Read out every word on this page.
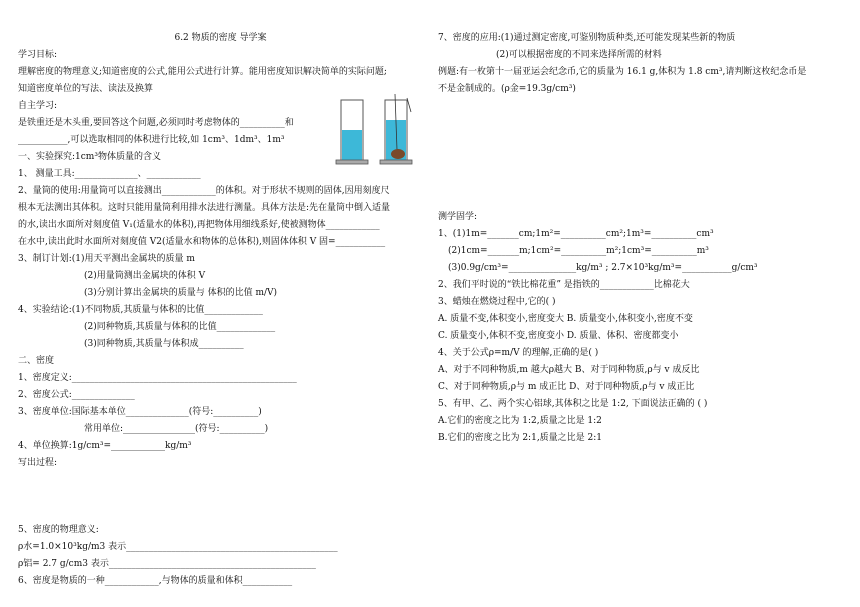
6.2 物质的密度 导学案
学习目标:
理解密度的物理意义;知道密度的公式,能用公式进行计算。能用密度知识解决简单的实际问题;
知道密度单位的写法、读法及换算
自主学习:
是铁重还是木头重,要回答这个问题,必须同时考虑物体的__________和
___________,可以选取相同的体积进行比较,如 1cm³、1dm³、1m³
一、实验探究:1cm³物体质量的含义
1、 测量工具:______________、____________
2、量筒的使用:用量筒可以直接测出____________的体积。对于形状不规则的固体,因用刻度尺
根本无法测出其体积。这时只能用量筒利用排水法进行测量。具体方法是:先在量筒中倒入适量
的水,读出水面所对刻度值 V₁(适量水的体积),再把物体用细线系好,使被测物体____________
在水中,读出此时水面所对刻度值 V2(适量水和物体的总体积),则固体体积 V 固=___________
3、制订计划:(1)用天平测出金属块的质量 m
(2)用量筒测出金属块的体积 V
(3)分别计算出金属块的质量与 体积的比值 m/V)
4、实验结论:(1)不同物质,其质量与体积的比值_____________
(2)同种物质,其质量与体积的比值_____________
(3)同种物质,其质量与体积成__________
二、密度
1、密度定义:__________________________________________________
2、密度公式:______________
3、密度单位:国际基本单位______________(符号:__________)
常用单位:________________(符号:__________)
4、单位换算:1g/cm³=____________kg/m³
写出过程:
5、密度的物理意义:
ρ水=1.0×10³kg/m3 表示_______________________________________________
ρ铝= 2.7 g/cm3 表示______________________________________________
6、密度是物质的一种____________,与物体的质量和体积___________
7、密度的应用:(1)通过测定密度,可鉴别物质种类,还可能发现某些新的物质
(2)可以根据密度的不同来选择所需的材料
例题:有一枚第十一届亚运会纪念币,它的质量为 16.1 g,体积为 1.8 cm³,请判断这枚纪念币是
不是金制成的。(ρ金=19.3g/cm³)
测学固学:
1、(1)1m=_______cm;1m²=__________cm²;1m³=__________cm³
(2)1cm=_______m;1cm²=__________m²;1cm³=__________m³
(3)0.9g/cm³=_______________kg/m³ ; 2.7×10³kg/m³=___________g/cm³
2、我们平时说的“铁比棉花重” 是指铁的____________比棉花大
3、蜡烛在燃烧过程中,它的( )
A. 质量不变,体积变小,密度变大 B. 质量变小,体积变小,密度不变
C. 质量变小,体积不变,密度变小 D. 质量、体积、密度都变小
4、关于公式ρ=m/V 的理解,正确的是( )
A、对于不同种物质,m 越大ρ越大 B、对于同种物质,ρ与 v 成反比
C、对于同种物质,ρ与 m 成正比 D、对于同种物质,ρ与 v 成正比
5、有甲、乙、两个实心铝球,其体积之比是 1:2, 下面说法正确的 ( )
A.它们的密度之比为 1:2,质量之比是 1:2
B.它们的密度之比为 2:1,质量之比是 2:1
